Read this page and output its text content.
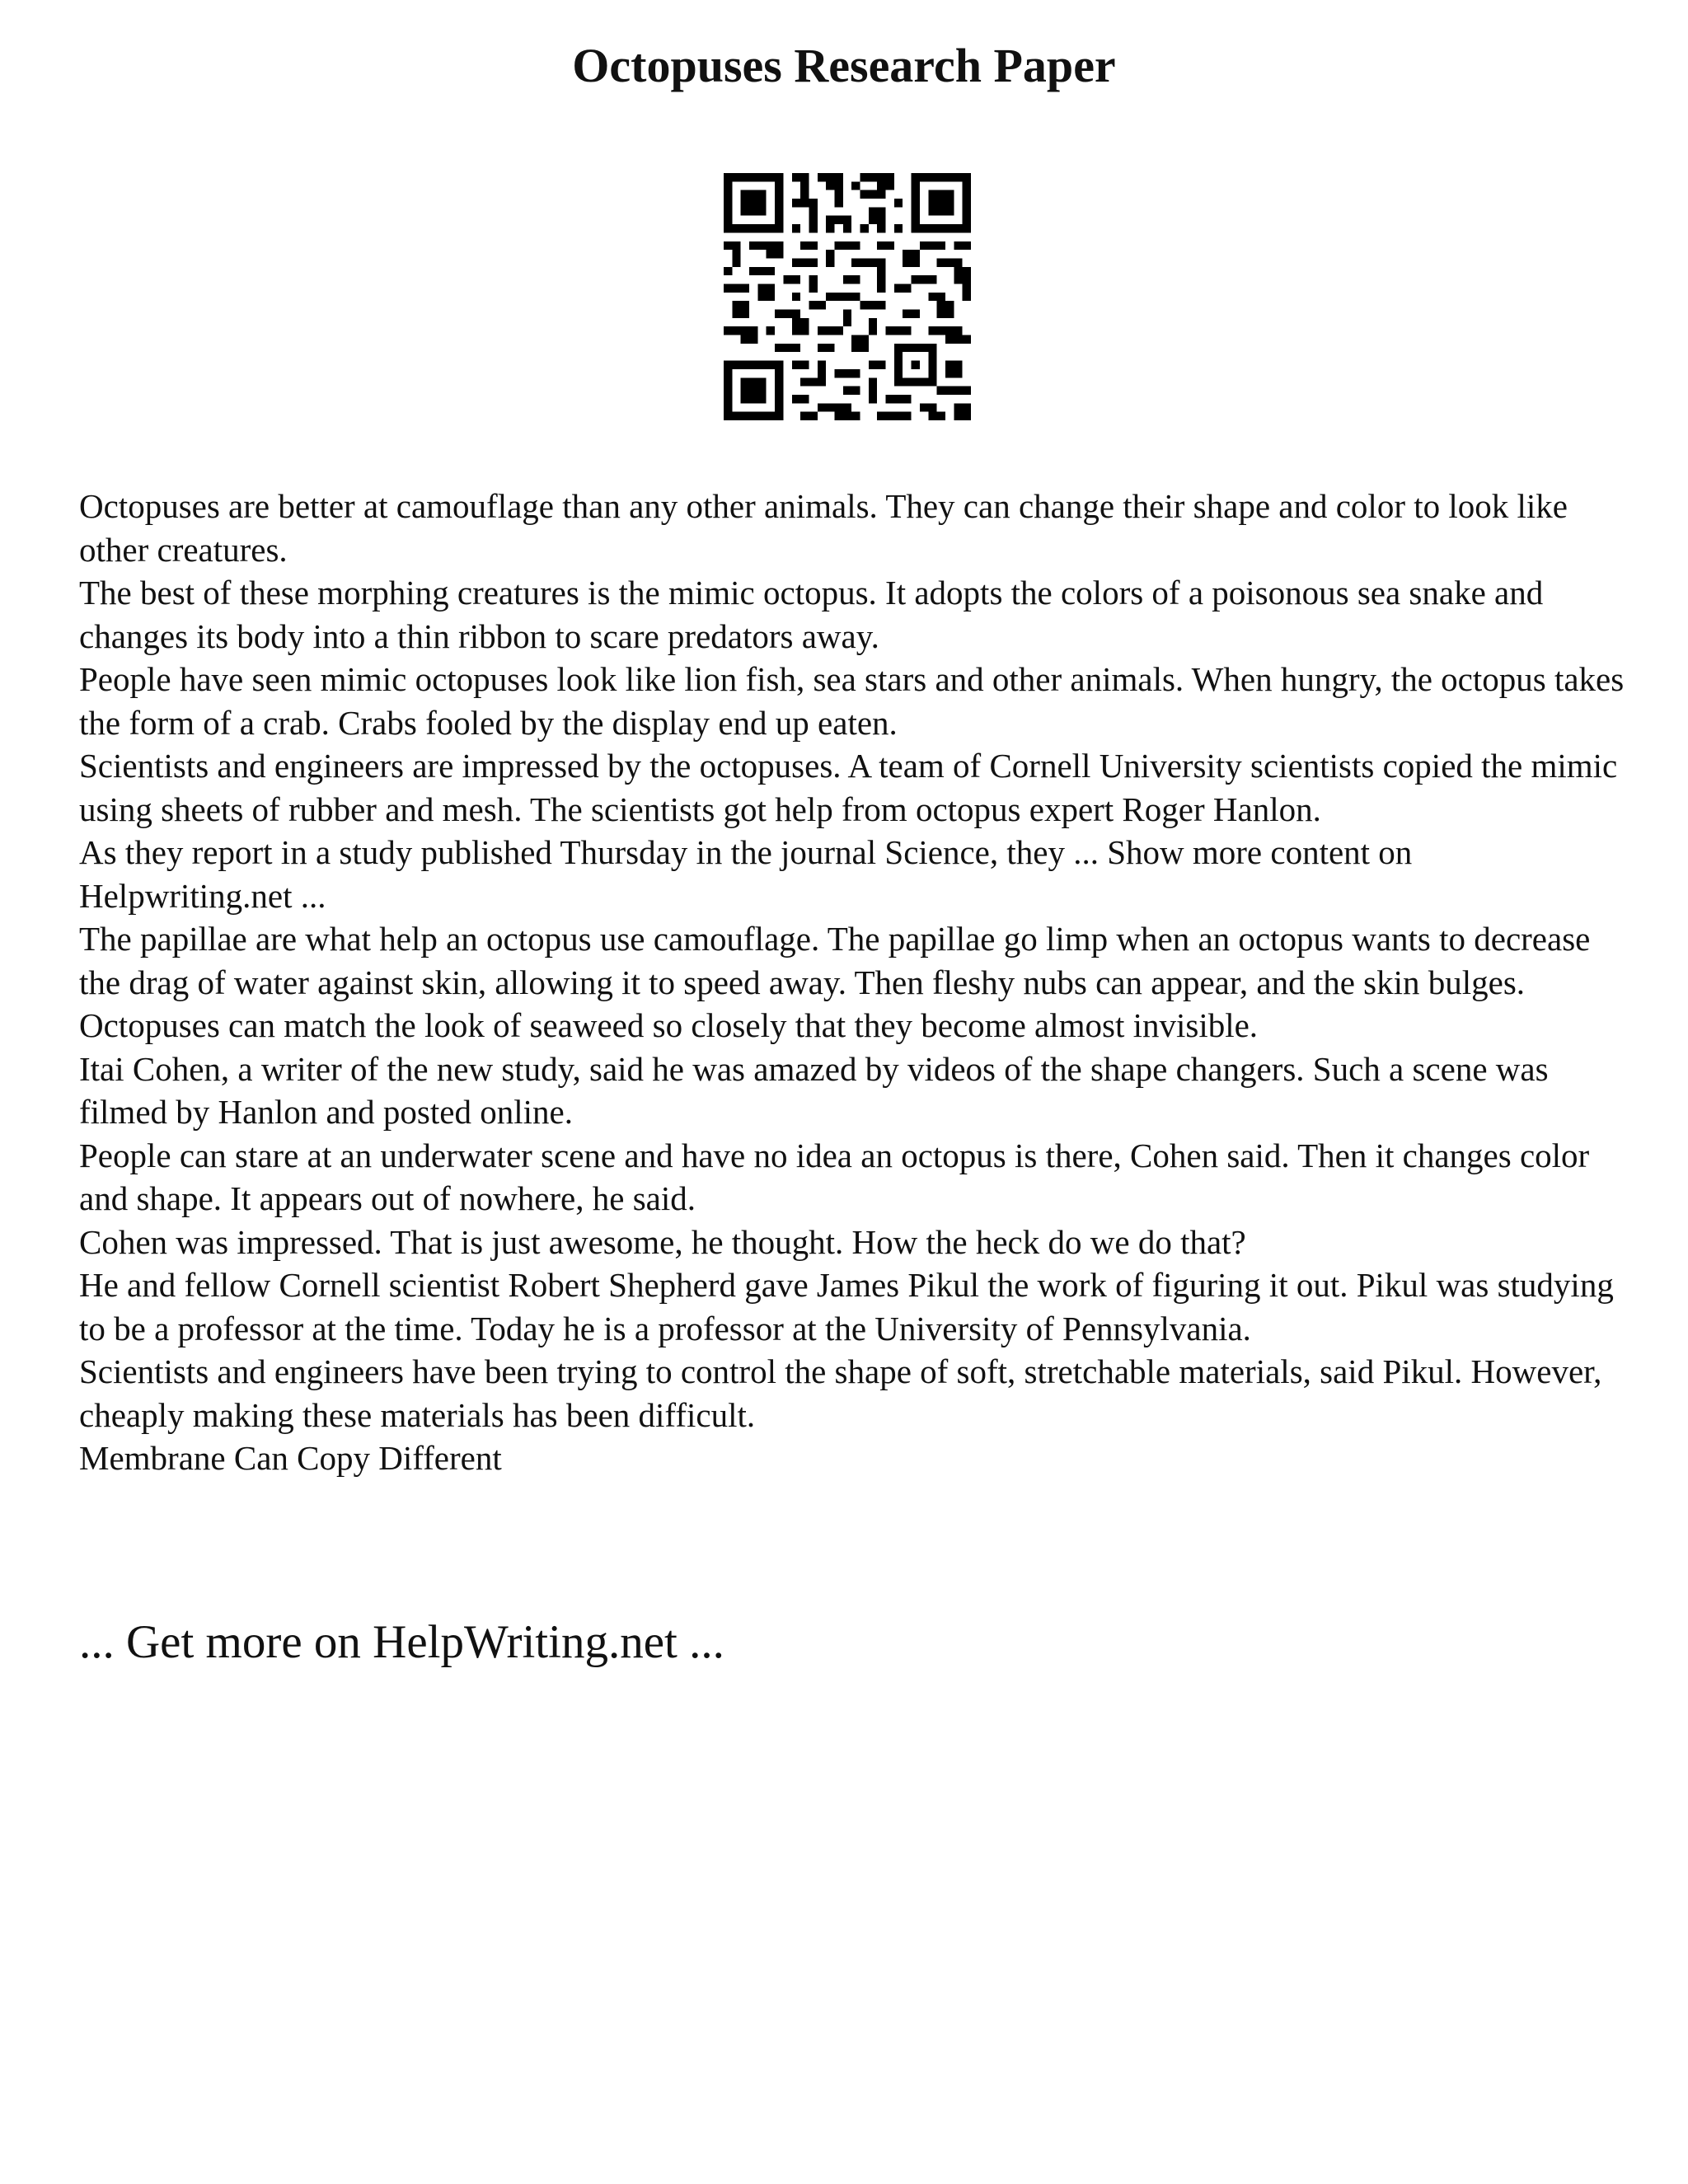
Octopuses Research Paper

Octopuses are better at camouflage than any other animals. They can change their shape and color to look like other creatures.

The best of these morphing creatures is the mimic octopus. It adopts the colors of a poisonous sea snake and changes its body into a thin ribbon to scare predators away.

People have seen mimic octopuses look like lion fish, sea stars and other animals. When hungry, the octopus takes the form of a crab. Crabs fooled by the display end up eaten.

Scientists and engineers are impressed by the octopuses. A team of Cornell University scientists copied the mimic using sheets of rubber and mesh. The scientists got help from octopus expert Roger Hanlon.

As they report in a study published Thursday in the journal Science, they ... Show more content on Helpwriting.net ...

The papillae are what help an octopus use camouflage. The papillae go limp when an octopus wants to decrease the drag of water against skin, allowing it to speed away. Then fleshy nubs can appear, and the skin bulges. Octopuses can match the look of seaweed so closely that they become almost invisible.

Itai Cohen, a writer of the new study, said he was amazed by videos of the shape changers. Such a scene was filmed by Hanlon and posted online.

People can stare at an underwater scene and have no idea an octopus is there, Cohen said. Then it changes color and shape. It appears out of nowhere, he said.

Cohen was impressed. That is just awesome, he thought. How the heck do we do that?

He and fellow Cornell scientist Robert Shepherd gave James Pikul the work of figuring it out. Pikul was studying to be a professor at the time. Today he is a professor at the University of Pennsylvania.

Scientists and engineers have been trying to control the shape of soft, stretchable materials, said Pikul. However, cheaply making these materials has been difficult.

Membrane Can Copy Different

... Get more on HelpWriting.net ...
